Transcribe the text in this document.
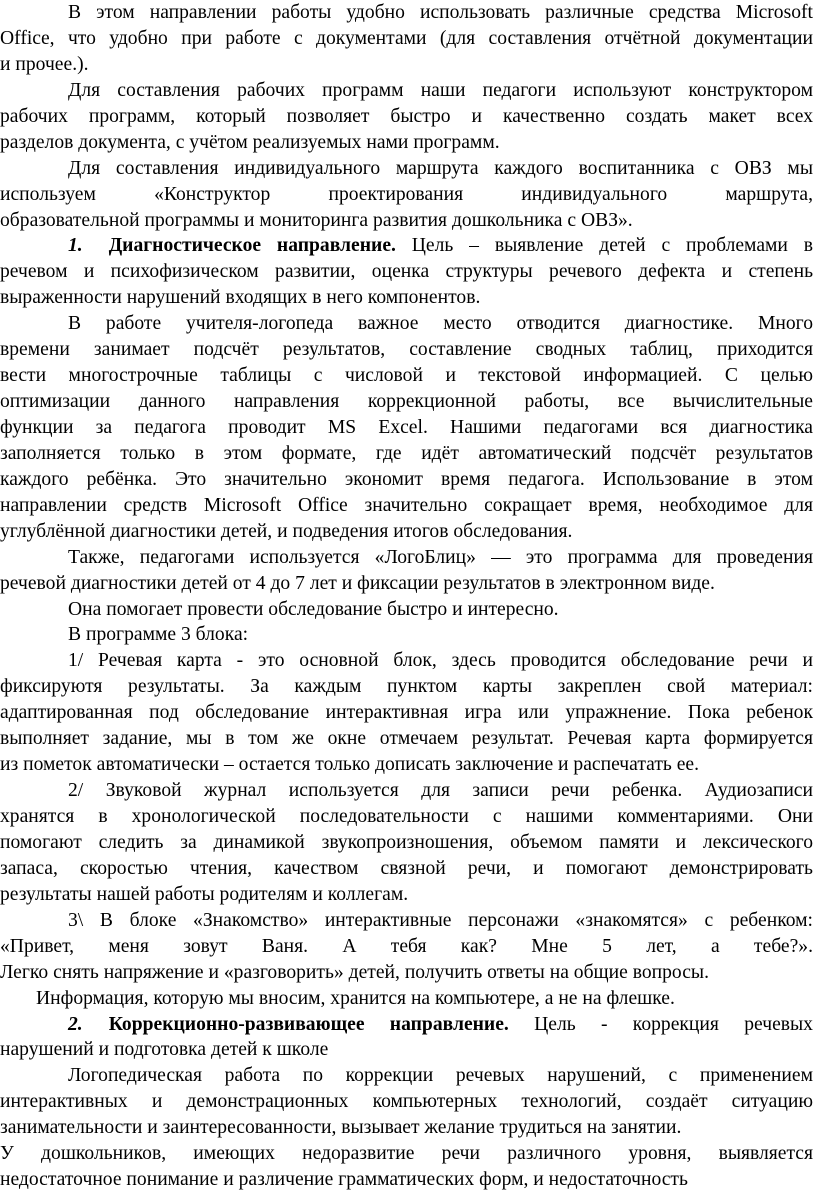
В этом направлении работы удобно использовать различные средства Microsoft
Office, что удобно при работе с документами (для составления отчётной документации
и прочее.).
Для составления рабочих программ наши педагоги используют конструктором
рабочих программ, который позволяет быстро и качественно создать макет всех
разделов документа, с учётом реализуемых нами программ.
Для составления индивидуального маршрута каждого воспитанника с ОВЗ мы
используем «Конструктор проектирования индивидуального маршрута,
образовательной программы и мониторинга развития дошкольника с ОВЗ».
1. Диагностическое направление. Цель – выявление детей с проблемами в
речевом и психофизическом развитии, оценка структуры речевого дефекта и степень
выраженности нарушений входящих в него компонентов.
В работе учителя-логопеда важное место отводится диагностике. Много
времени занимает подсчёт результатов, составление сводных таблиц, приходится
вести многострочные таблицы с числовой и текстовой информацией. С целью
оптимизации данного направления коррекционной работы, все вычислительные
функции за педагога проводит MS Excel. Нашими педагогами вся диагностика
заполняется только в этом формате, где идёт автоматический подсчёт результатов
каждого ребёнка. Это значительно экономит время педагога. Использование в этом
направлении средств Microsoft Office значительно сокращает время, необходимое для
углублённой диагностики детей, и подведения итогов обследования.
Также, педагогами используется «ЛогоБлиц» — это программа для проведения
речевой диагностики детей от 4 до 7 лет и фиксации результатов в электронном виде.
Она помогает провести обследование быстро и интересно.
В программе 3 блока:
1/ Речевая карта - это основной блок, здесь проводится обследование речи и
фиксируютя результаты. За каждым пунктом карты закреплен свой материал:
адаптированная под обследование интерактивная игра или упражнение. Пока ребенок
выполняет задание, мы в том же окне отмечаем результат. Речевая карта формируется
из пометок автоматически – остается только дописать заключение и распечатать ее.
2/ Звуковой журнал используется для записи речи ребенка. Аудиозаписи
хранятся в хронологической последовательности с нашими комментариями. Они
помогают следить за динамикой звукопроизношения, объемом памяти и лексического
запаса, скоростью чтения, качеством связной речи, и помогают демонстрировать
результаты нашей работы родителям и коллегам.
3\ В блоке «Знакомство» интерактивные персонажи «знакомятся» с ребенком:
«Привет, меня зовут Ваня. А тебя как? Мне 5 лет, а тебе?».
Легко снять напряжение и «разговорить» детей, получить ответы на общие вопросы.
Информация, которую мы вносим, хранится на компьютере, а не на флешке.
2. Коррекционно-развивающее направление. Цель - коррекция речевых
нарушений и подготовка детей к школе
Логопедическая работа по коррекции речевых нарушений, с применением
интерактивных и демонстрационных компьютерных технологий, создаёт ситуацию
занимательности и заинтересованности, вызывает желание трудиться на занятии.
У дошкольников, имеющих недоразвитие речи различного уровня, выявляется
недостаточное понимание и различение грамматических форм, и недостаточность
